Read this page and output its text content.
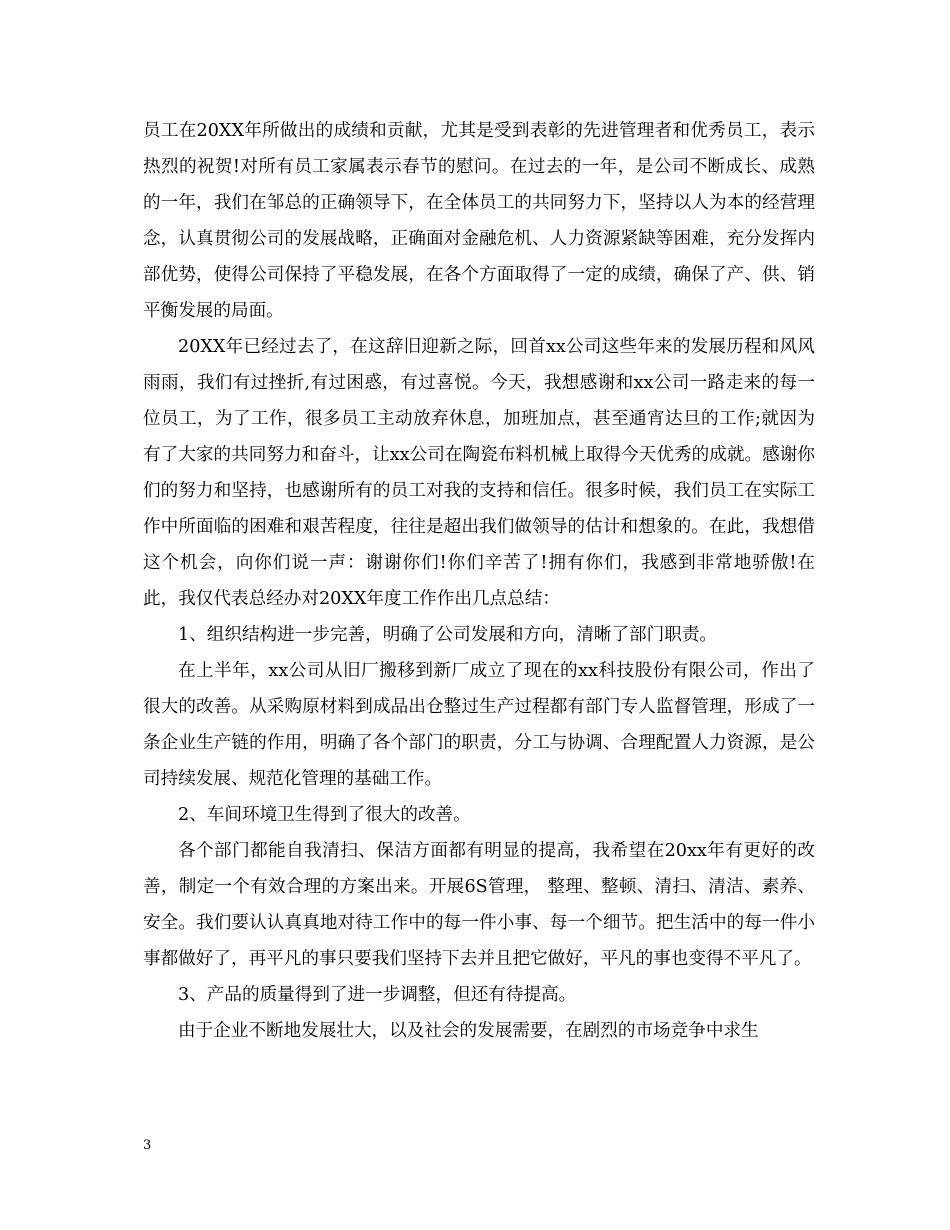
员工在20XX年所做出的成绩和贡献，尤其是受到表彰的先进管理者和优秀员工，表示热烈的祝贺!对所有员工家属表示春节的慰问。在过去的一年，是公司不断成长、成熟的一年，我们在邹总的正确领导下，在全体员工的共同努力下，坚持以人为本的经营理念，认真贯彻公司的发展战略，正确面对金融危机、人力资源紧缺等困难，充分发挥内部优势，使得公司保持了平稳发展，在各个方面取得了一定的成绩，确保了产、供、销平衡发展的局面。

20XX年已经过去了，在这辞旧迎新之际，回首xx公司这些年来的发展历程和风风雨雨，我们有过挫折,有过困惑，有过喜悦。今天，我想感谢和xx公司一路走来的每一位员工，为了工作，很多员工主动放弃休息，加班加点，甚至通宵达旦的工作;就因为有了大家的共同努力和奋斗，让xx公司在陶瓷布料机械上取得今天优秀的成就。感谢你们的努力和坚持，也感谢所有的员工对我的支持和信任。很多时候，我们员工在实际工作中所面临的困难和艰苦程度，往往是超出我们做领导的估计和想象的。在此，我想借这个机会，向你们说一声：谢谢你们!你们辛苦了!拥有你们，我感到非常地骄傲!在此，我仅代表总经办对20XX年度工作作出几点总结：

1、组织结构进一步完善，明确了公司发展和方向，清晰了部门职责。

在上半年，xx公司从旧厂搬移到新厂成立了现在的xx科技股份有限公司，作出了很大的改善。从采购原材料到成品出仓整过生产过程都有部门专人监督管理，形成了一条企业生产链的作用，明确了各个部门的职责，分工与协调、合理配置人力资源，是公司持续发展、规范化管理的基础工作。

2、车间环境卫生得到了很大的改善。

各个部门都能自我清扫、保洁方面都有明显的提高，我希望在20xx年有更好的改善，制定一个有效合理的方案出来。开展6S管理， 整理、整顿、清扫、清洁、素养、安全。我们要认认真真地对待工作中的每一件小事、每一个细节。把生活中的每一件小事都做好了，再平凡的事只要我们坚持下去并且把它做好，平凡的事也变得不平凡了。

3、产品的质量得到了进一步调整，但还有待提高。

由于企业不断地发展壮大，以及社会的发展需要，在剧烈的市场竞争中求生

3
